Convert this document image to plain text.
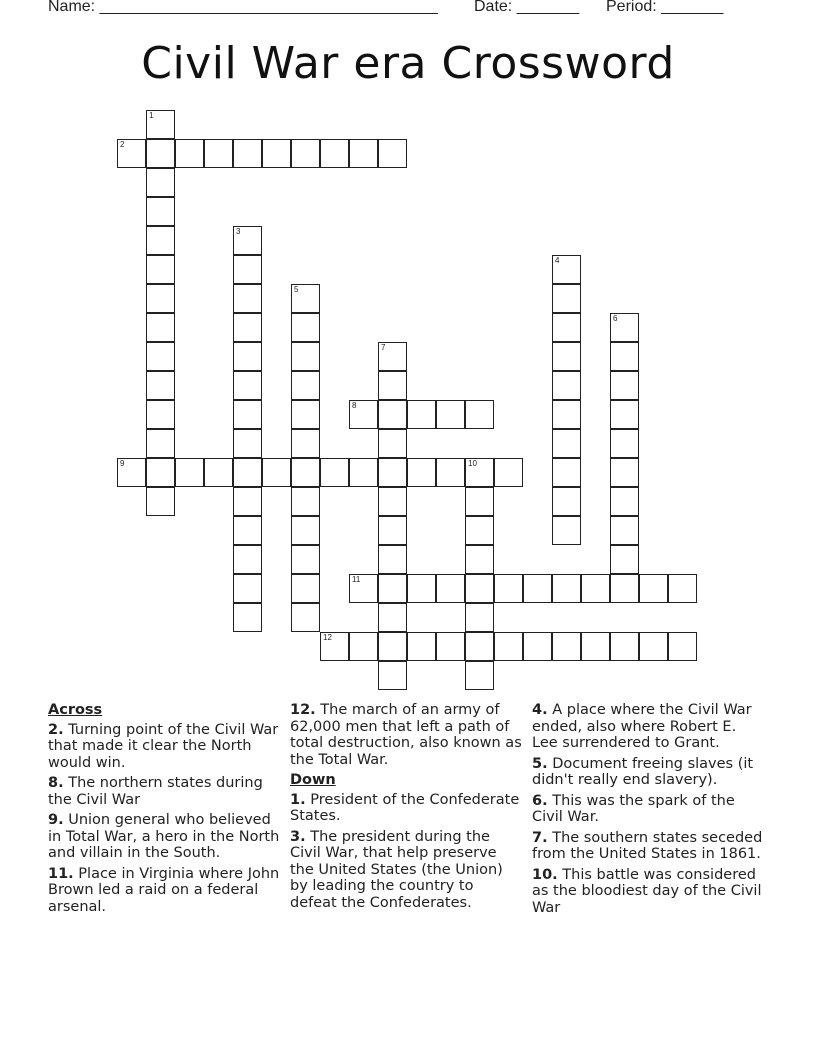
Name: ______________________________________ Date: _______ Period: _______
Civil War era Crossword
1
2
3
4
5
6
7
8
9	10
11
12
Across
2. Turning point of the Civil War that made it clear the North would win.
8. The northern states during the Civil War
9. Union general who believed in Total War, a hero in the North and villain in the South.
11. Place in Virginia where John Brown led a raid on a federal arsenal.
12. The march of an army of 62,000 men that left a path of total destruction, also known as the Total War.
Down
1. President of the Confederate States.
3. The president during the Civil War, that help preserve the United States (the Union) by leading the country to defeat the Confederates.
4. A place where the Civil War ended, also where Robert E. Lee surrendered to Grant.
5. Document freeing slaves (it didn't really end slavery).
6. This was the spark of the Civil War.
7. The southern states seceded from the United States in 1861.
10. This battle was considered as the bloodiest day of the Civil War
